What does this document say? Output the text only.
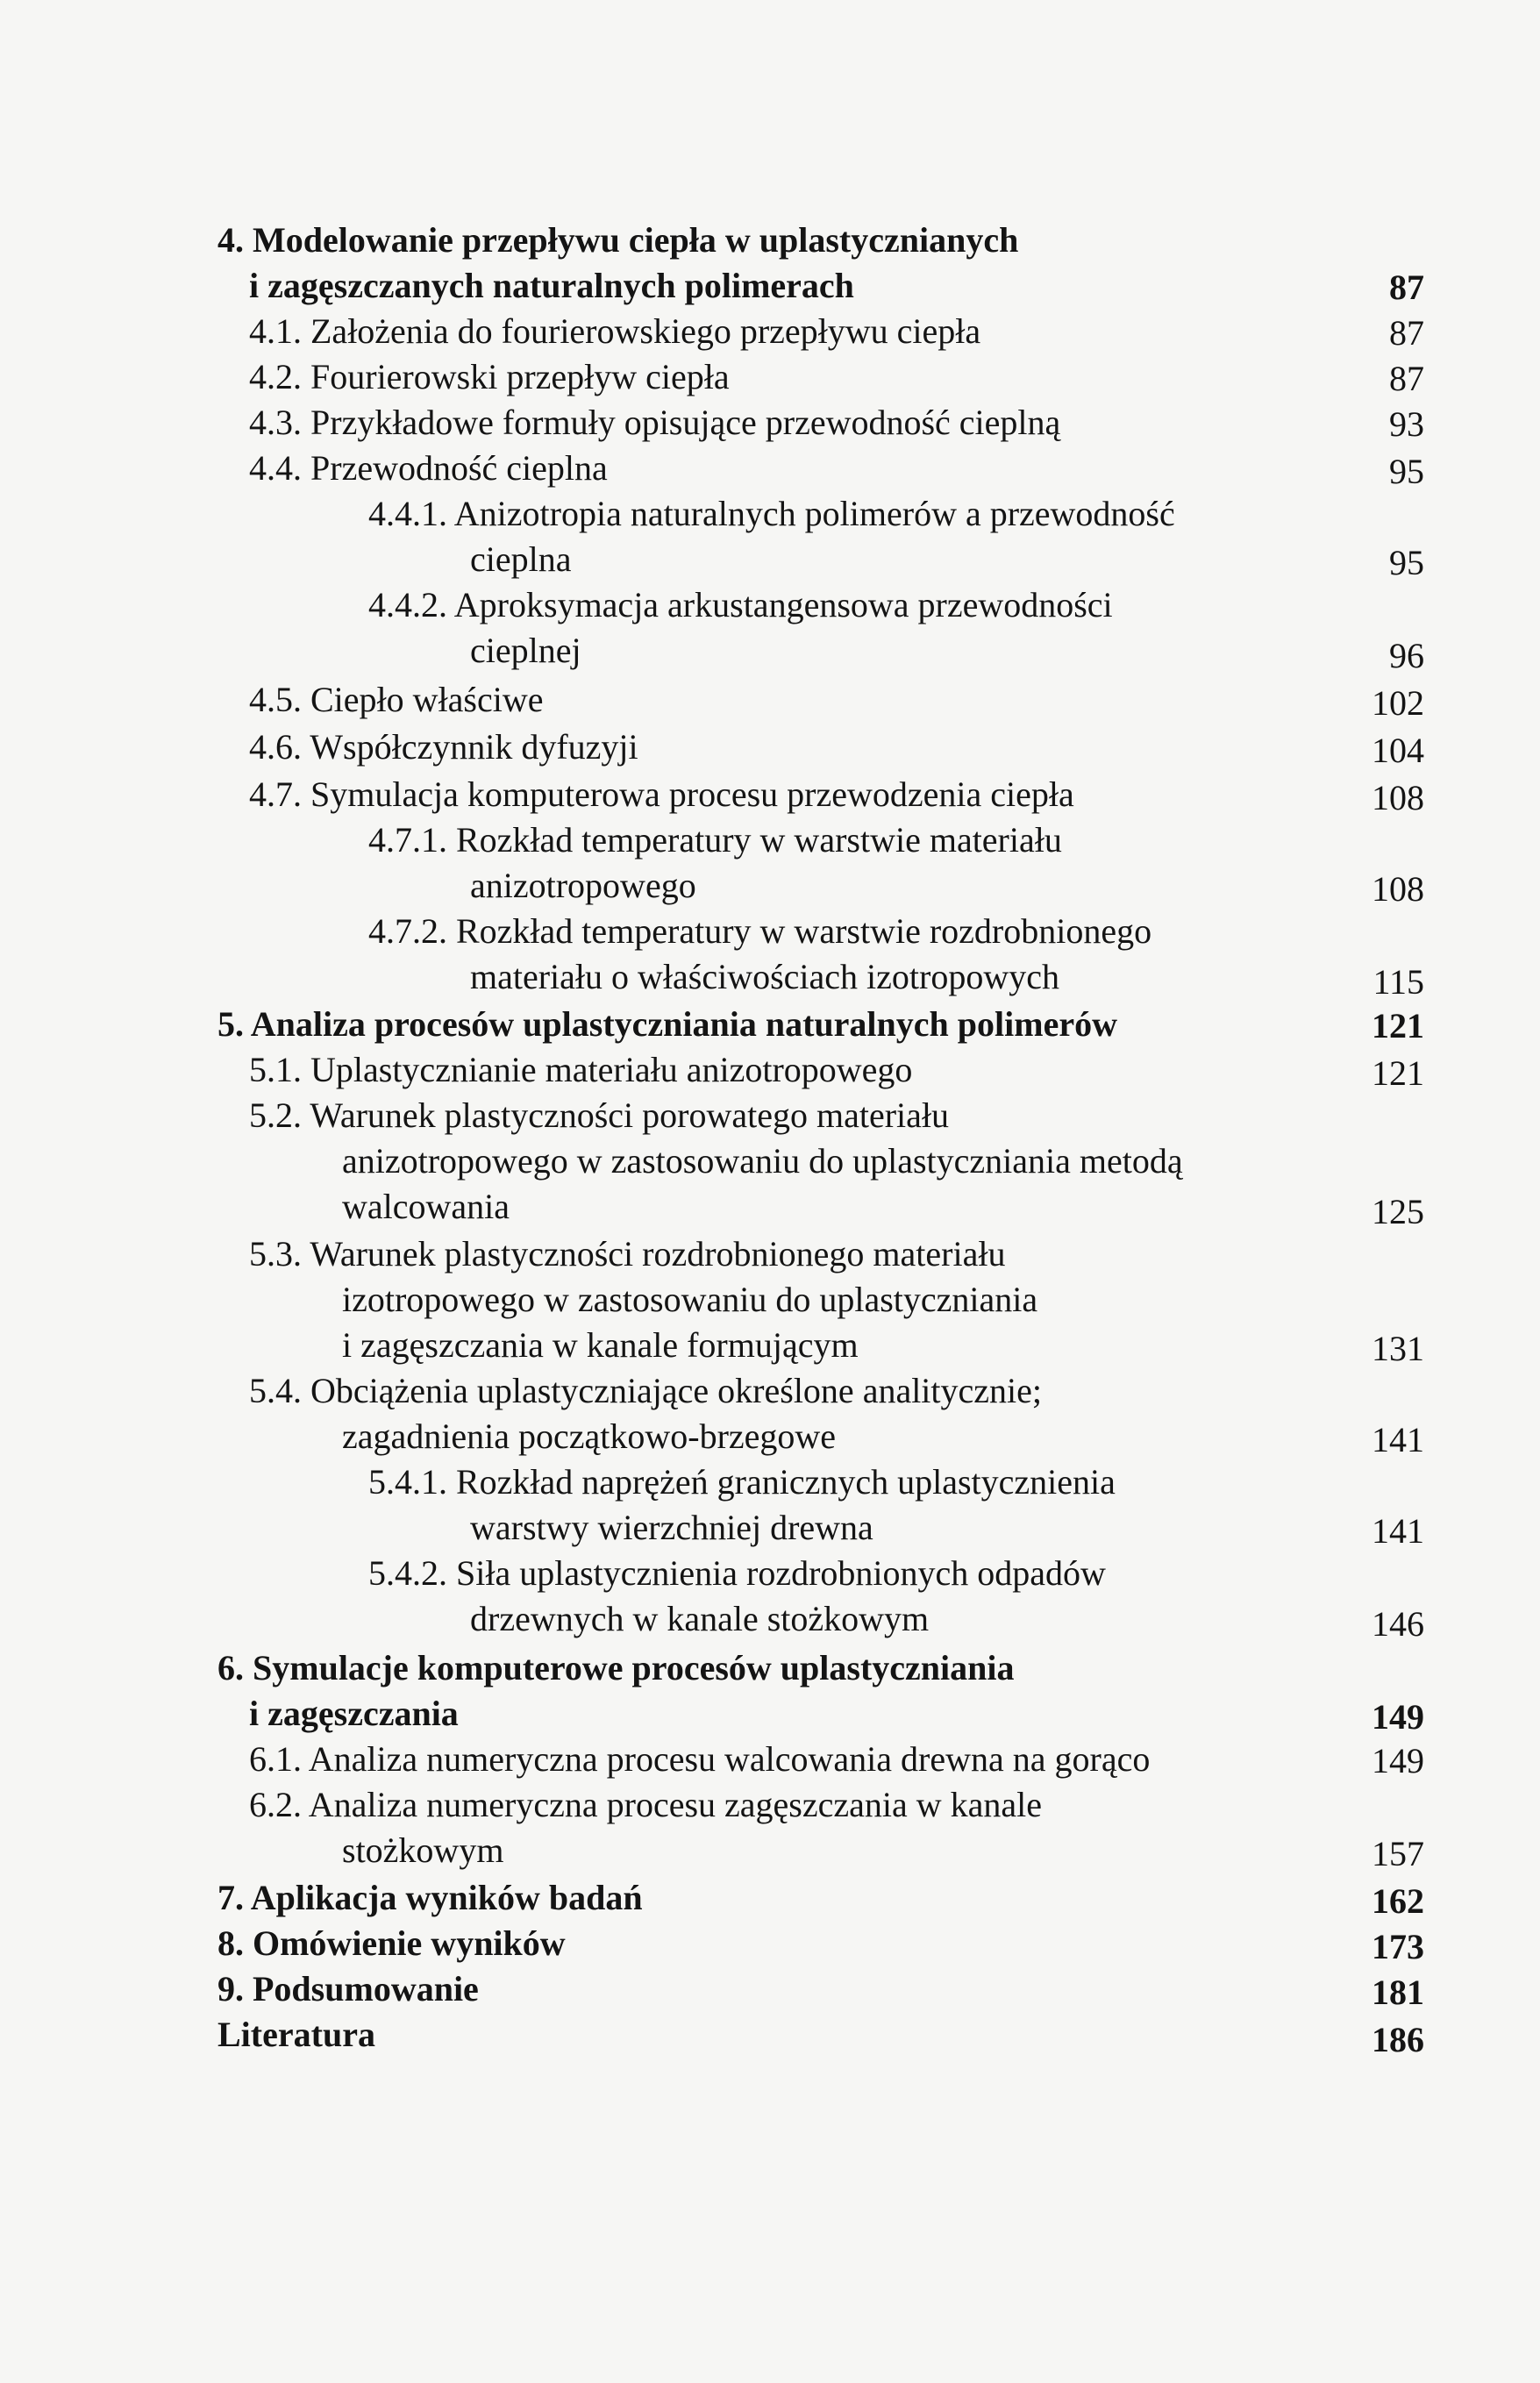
4. Modelowanie przepływu ciepła w uplastycznianych
i zagęszczanych naturalnych polimerach	87
4.1. Założenia do fourierowskiego przepływu ciepła	87
4.2. Fourierowski przepływ ciepła	87
4.3. Przykładowe formuły opisujące przewodność cieplną	93
4.4. Przewodność cieplna	95
4.4.1. Anizotropia naturalnych polimerów a przewodność
cieplna	95
4.4.2. Aproksymacja arkustangensowa przewodności
cieplnej	96
4.5. Ciepło właściwe	102
4.6. Współczynnik dyfuzyji	104
4.7. Symulacja komputerowa procesu przewodzenia ciepła	108
4.7.1. Rozkład temperatury w warstwie materiału
anizotropowego	108
4.7.2. Rozkład temperatury w warstwie rozdrobnionego
materiału o właściwościach izotropowych	115
5. Analiza procesów uplastyczniania naturalnych polimerów	121
5.1. Uplastycznianie materiału anizotropowego	121
5.2. Warunek plastyczności porowatego materiału
anizotropowego w zastosowaniu do uplastyczniania metodą
walcowania	125
5.3. Warunek plastyczności rozdrobnionego materiału
izotropowego w zastosowaniu do uplastyczniania
i zagęszczania w kanale formującym	131
5.4. Obciążenia uplastyczniające określone analitycznie;
zagadnienia początkowo-brzegowe	141
5.4.1. Rozkład naprężeń granicznych uplastycznienia
warstwy wierzchniej drewna	141
5.4.2. Siła uplastycznienia rozdrobnionych odpadów
drzewnych w kanale stożkowym	146
6. Symulacje komputerowe procesów uplastyczniania
i zagęszczania	149
6.1. Analiza numeryczna procesu walcowania drewna na gorąco	149
6.2. Analiza numeryczna procesu zagęszczania w kanale
stożkowym	157
7. Aplikacja wyników badań	162
8. Omówienie wyników	173
9. Podsumowanie	181
Literatura	186
